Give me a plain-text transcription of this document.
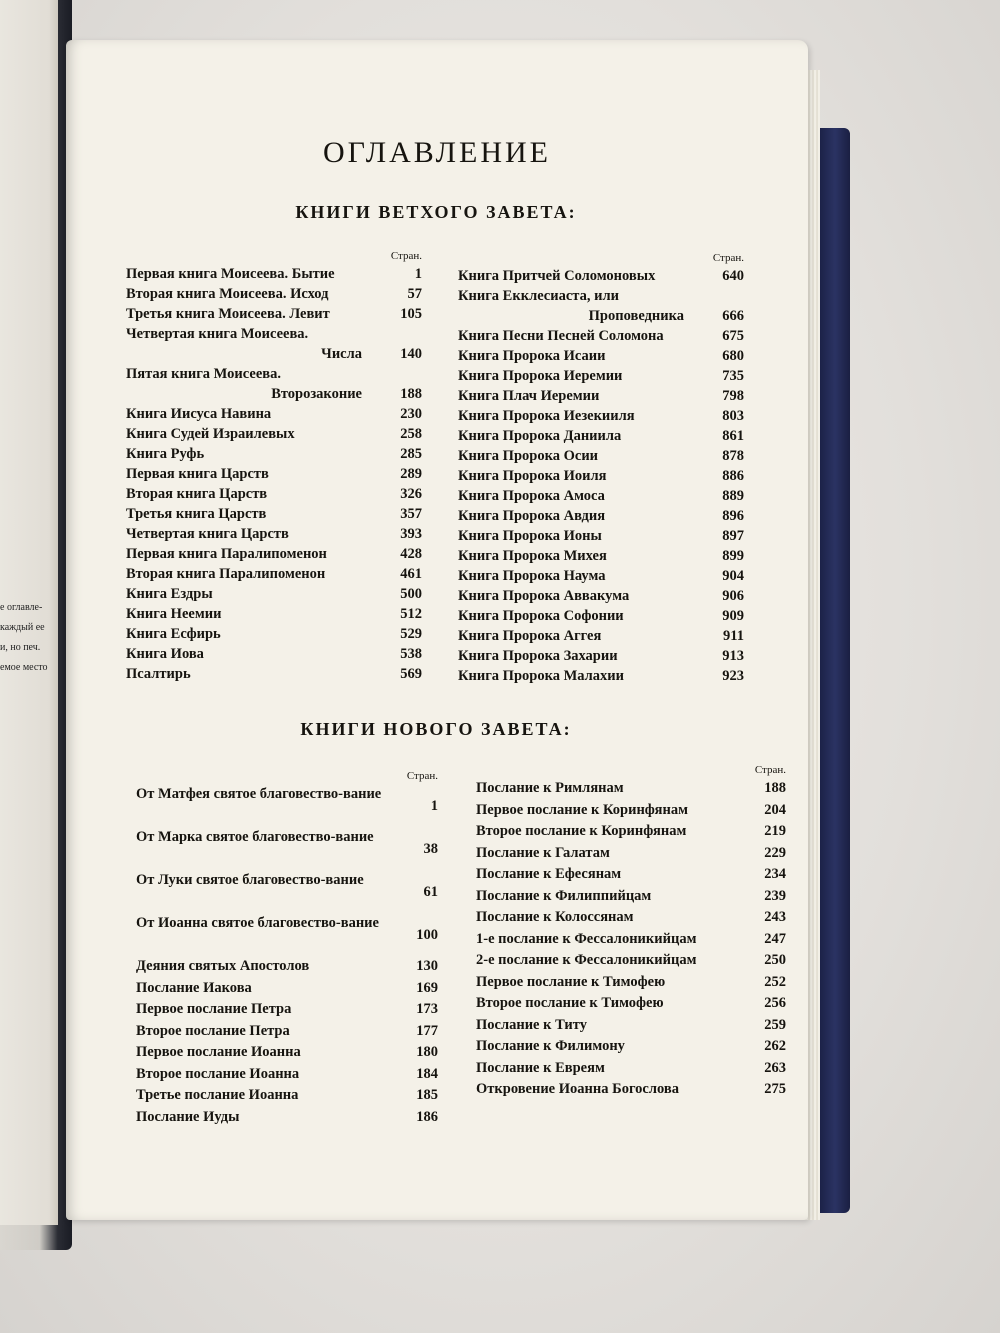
е оглавле-
каждый ее
и, но печ.
емое место
ОГЛАВЛЕНИЕ
КНИГИ ВЕТХОГО ЗАВЕТА:
Стран.
Первая книга Моисеева. Бытие	1
Вторая книга Моисеева. Исход	57
Третья книга Моисеева. Левит	105
Четвертая книга Моисеева.
Числа	140
Пятая книга Моисеева.
Второзаконие	188
Книга Иисуса Навина	230
Книга Судей Израилевых	258
Книга Руфь	285
Первая книга Царств	289
Вторая книга Царств	326
Третья книга Царств	357
Четвертая книга Царств	393
Первая книга Паралипоменон	428
Вторая книга Паралипоменон	461
Книга Ездры	500
Книга Неемии	512
Книга Есфирь	529
Книга Иова	538
Псалтирь	569
Стран.
Книга Притчей Соломоновых	640
Книга Екклесиаста, или
Проповедника	666
Книга Песни Песней Соломона	675
Книга Пророка Исаии	680
Книга Пророка Иеремии	735
Книга Плач Иеремии	798
Книга Пророка Иезекииля	803
Книга Пророка Даниила	861
Книга Пророка Осии	878
Книга Пророка Иоиля	886
Книга Пророка Амоса	889
Книга Пророка Авдия	896
Книга Пророка Ионы	897
Книга Пророка Михея	899
Книга Пророка Наума	904
Книга Пророка Аввакума	906
Книга Пророка Софонии	909
Книга Пророка Аггея	911
Книга Пророка Захарии	913
Книга Пророка Малахии	923
КНИГИ НОВОГО ЗАВЕТА:
Стран.
От Матфея святое благовество-вание
1
От Марка святое благовество-вание
38
От Луки святое благовество-вание
61
От Иоанна святое благовество-вание
100
Деяния святых Апостолов	130
Послание Иакова	169
Первое послание Петра	173
Второе послание Петра	177
Первое послание Иоанна	180
Второе послание Иоанна	184
Третье послание Иоанна	185
Послание Иуды	186
Стран.
Послание к Римлянам	188
Первое послание к Коринфянам	204
Второе послание к Коринфянам	219
Послание к Галатам	229
Послание к Ефесянам	234
Послание к Филиппийцам	239
Послание к Колоссянам	243
1-е послание к Фессалоникийцам	247
2-е послание к Фессалоникийцам	250
Первое послание к Тимофею	252
Второе послание к Тимофею	256
Послание к Титу	259
Послание к Филимону	262
Послание к Евреям	263
Откровение Иоанна Богослова	275
